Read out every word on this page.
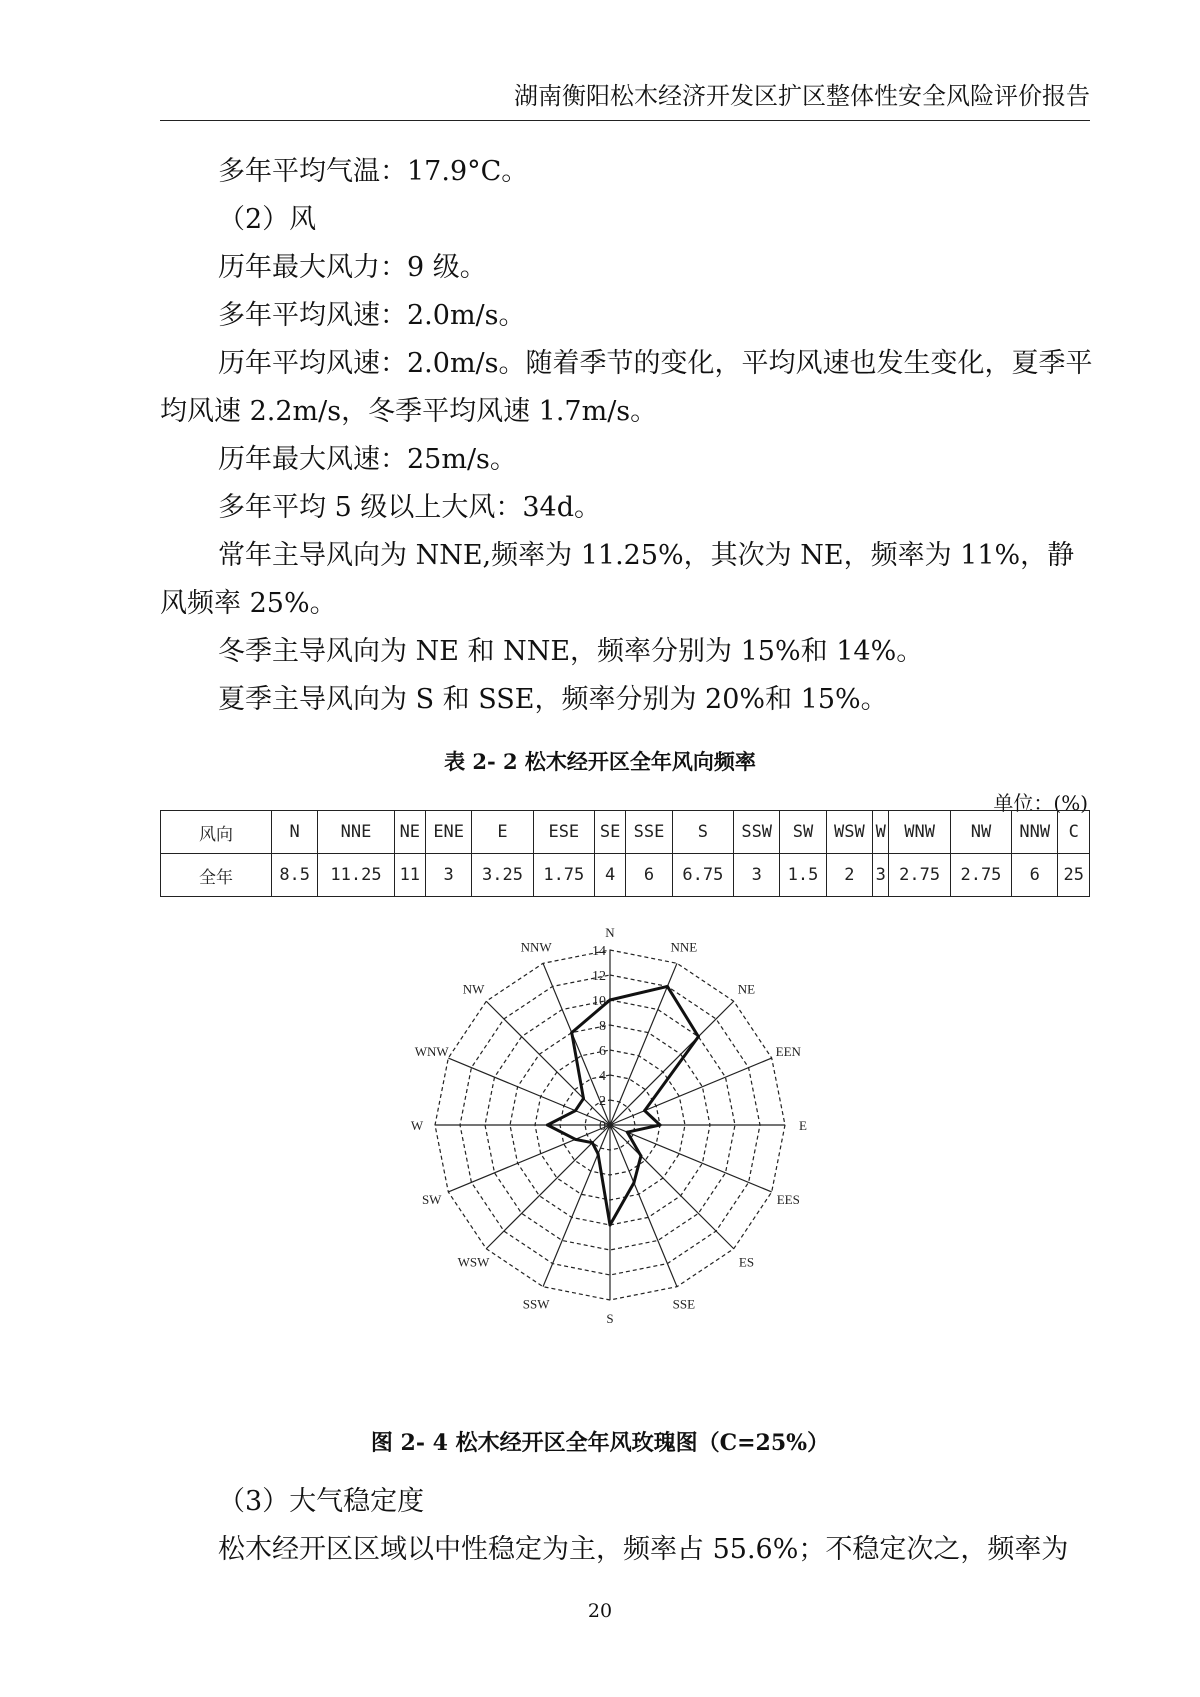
湖南衡阳松木经济开发区扩区整体性安全风险评价报告

多年平均气温：17.9°C。

（2）风

历年最大风力：9 级。

多年平均风速：2.0m/s。

历年平均风速：2.0m/s。随着季节的变化，平均风速也发生变化，夏季平均风速 2.2m/s，冬季平均风速 1.7m/s。

历年最大风速：25m/s。

多年平均 5 级以上大风：34d。

常年主导风向为 NNE,频率为 11.25%，其次为 NE，频率为 11%，静风频率 25%。

冬季主导风向为 NE 和 NNE，频率分别为 15%和 14%。

夏季主导风向为 S 和 SSE，频率分别为 20%和 15%。

表 2- 2 松木经开区全年风向频率
单位：(%)
风向	N	NNE	NE	ENE	E	ESE	SE	SSE	S	SSW	SW	WSW	W	WNW	NW	NNW	C
全年	8.5	11.25	11	3	3.25	1.75	4	6	6.75	3	1.5	2	3	2.75	2.75	6	25
0
2
4
6
8
10
12
14
N
NNE
NE
EEN
E
EES
ES
SSE
S
SSW
WSW
SW
W
WNW
NW
NNW
图 2- 4 松木经开区全年风玫瑰图（C=25%）

（3）大气稳定度

松木经开区区域以中性稳定为主，频率占 55.6%；不稳定次之，频率为

20
